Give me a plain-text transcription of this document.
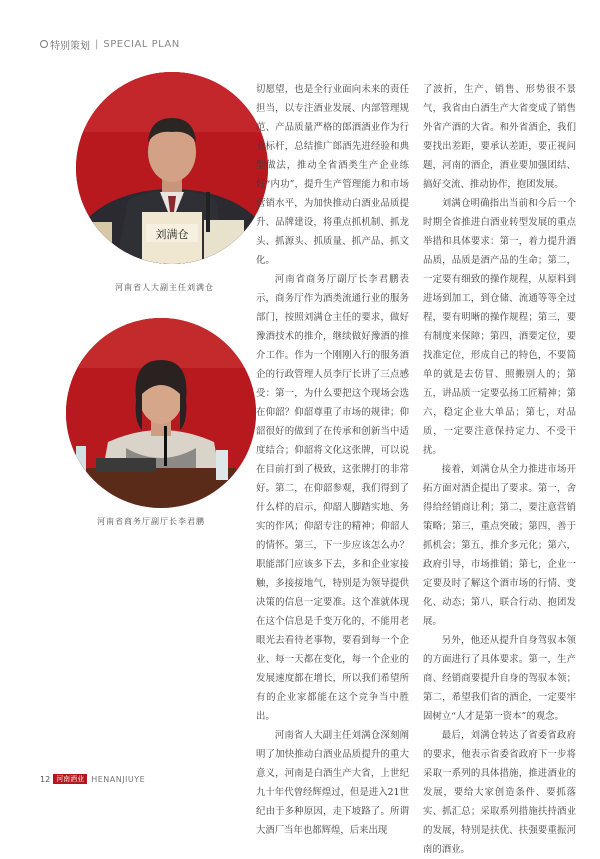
特别策划 | SPECIAL PLAN
刘满仓
河南省人大副主任刘满仓
河南省商务厅副厅长李君鹏

切愿望，也是全行业面向未来的责任担当，以专注酒业发展、内部管理规范、产品质量严格的郎酒酒业作为行业标杆，总结推广郎酒先进经验和典型做法，推动全省酒类生产企业练好“内功”，提升生产管理能力和市场营销水平，为加快推动白酒业品质提升、品牌建设，将重点抓机制、抓龙头、抓源头、抓质量、抓产品、抓文化。

河南省商务厅副厅长李君鹏表示，商务厅作为酒类流通行业的服务部门，按照刘满仓主任的要求，做好豫酒技术的推介，继续做好豫酒的推介工作。作为一个刚刚入行的服务酒企的行政管理人员李厅长讲了三点感受：第一，为什么要把这个现场会选在仰韶？仰韶尊重了市场的规律；仰韶很好的做到了在传承和创新当中适度结合；仰韶将文化这张牌，可以说在目前打到了极致，这张牌打的非常好。第二，在仰韶参观，我们得到了什么样的启示，仰韶人脚踏实地、务实的作风；仰韶专注的精神；仰韶人的情怀。第三，下一步应该怎么办？职能部门应该多下去，多和企业家接触，多接接地气，特别是为领导提供决策的信息一定要准。这个准就体现在这个信息是千变万化的，不能用老眼光去看待老事物，要看到每一个企业、每一天都在变化，每一个企业的发展速度都在增长，所以我们希望所有的企业家都能在这个竞争当中胜出。

河南省人大副主任刘满仓深刻阐明了加快推动白酒业品质提升的重大意义，河南是白酒生产大省，上世纪九十年代曾经辉煌过，但是进入21世纪由于多种原因，走下坡路了。所谓大酒厂当年也都辉煌，后来出现

了波折，生产、销售、形势很不景气，我省由白酒生产大省变成了销售外省产酒的大省。和外省酒企，我们要找出差距，要承认差距，要正视问题，河南的酒企，酒业要加强团结、搞好交流、推动协作，抱团发展。

刘满仓明确指出当前和今后一个时期全省推进白酒业转型发展的重点举措和具体要求：第一，着力提升酒品质，品质是酒产品的生命；第二，一定要有细致的操作规程，从原料到进场到加工，到仓储、流通等等全过程，要有明晰的操作规程；第三，要有制度来保障；第四，酒要定位，要找准定位，形成自己的特色，不要简单的就是去仿冒、照搬别人的；第五，讲品质一定要弘扬工匠精神；第六，稳定企业大单品；第七，对品质，一定要注意保持定力、不受干扰。

接着，刘满仓从全力推进市场开拓方面对酒企提出了要求。第一，舍得给经销商让利；第二，要注意营销策略；第三，重点突破；第四，善于抓机会；第五，推介多元化；第六，政府引导，市场推销；第七，企业一定要及时了解这个酒市场的行情、变化、动态；第八，联合行动、抱团发展。

另外，他还从提升自身驾驭本领的方面进行了具体要求。第一，生产商、经销商要提升自身的驾驭本领；第二，希望我们省的酒企，一定要牢固树立“人才是第一资本”的观念。

最后，刘满仓转达了省委省政府的要求，他表示省委省政府下一步将采取一系列的具体措施，推进酒业的发展，要给大家创造条件、要抓落实、抓汇总；采取系列措施扶持酒业的发展，特别是扶优、扶强要重振河南的酒业。

12 河南酒业 HENANJIUYE
